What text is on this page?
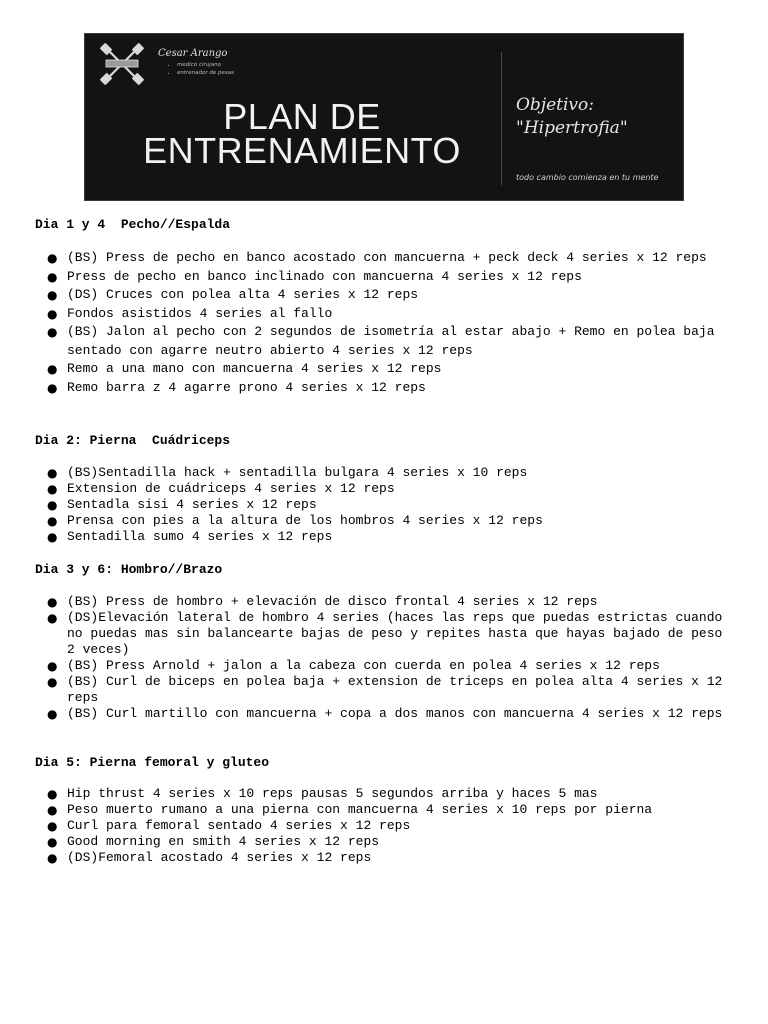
Cesar Arango
• medico cirujano
• entrenador de pesas
PLAN DE
ENTRENAMIENTO
Objetivo:
"Hipertrofia"
todo cambio comienza en tu mente
Dia 1 y 4  Pecho//Espalda
● (BS) Press de pecho en banco acostado con mancuerna + peck deck 4 series x 12 reps
● Press de pecho en banco inclinado con mancuerna 4 series x 12 reps
● (DS) Cruces con polea alta 4 series x 12 reps
● Fondos asistidos 4 series al fallo
● (BS) Jalon al pecho con 2 segundos de isometría al estar abajo + Remo en polea baja sentado con agarre neutro abierto 4 series x 12 reps
● Remo a una mano con mancuerna 4 series x 12 reps
● Remo barra z 4 agarre prono 4 series x 12 reps
Dia 2: Pierna  Cuádriceps
● (BS)Sentadilla hack + sentadilla bulgara 4 series x 10 reps
● Extension de cuádriceps 4 series x 12 reps
● Sentadla sisi 4 series x 12 reps
● Prensa con pies a la altura de los hombros 4 series x 12 reps
● Sentadilla sumo 4 series x 12 reps
Dia 3 y 6: Hombro//Brazo
● (BS) Press de hombro + elevación de disco frontal 4 series x 12 reps
● (DS)Elevación lateral de hombro 4 series (haces las reps que puedas estrictas cuando no puedas mas sin balancearte bajas de peso y repites hasta que hayas bajado de peso 2 veces)
● (BS) Press Arnold + jalon a la cabeza con cuerda en polea 4 series x 12 reps
● (BS) Curl de biceps en polea baja + extension de triceps en polea alta 4 series x 12 reps
● (BS) Curl martillo con mancuerna + copa a dos manos con mancuerna 4 series x 12 reps
Dia 5: Pierna femoral y gluteo
● Hip thrust 4 series x 10 reps pausas 5 segundos arriba y haces 5 mas
● Peso muerto rumano a una pierna con mancuerna 4 series x 10 reps por pierna
● Curl para femoral sentado 4 series x 12 reps
● Good morning en smith 4 series x 12 reps
● (DS)Femoral acostado 4 series x 12 reps
